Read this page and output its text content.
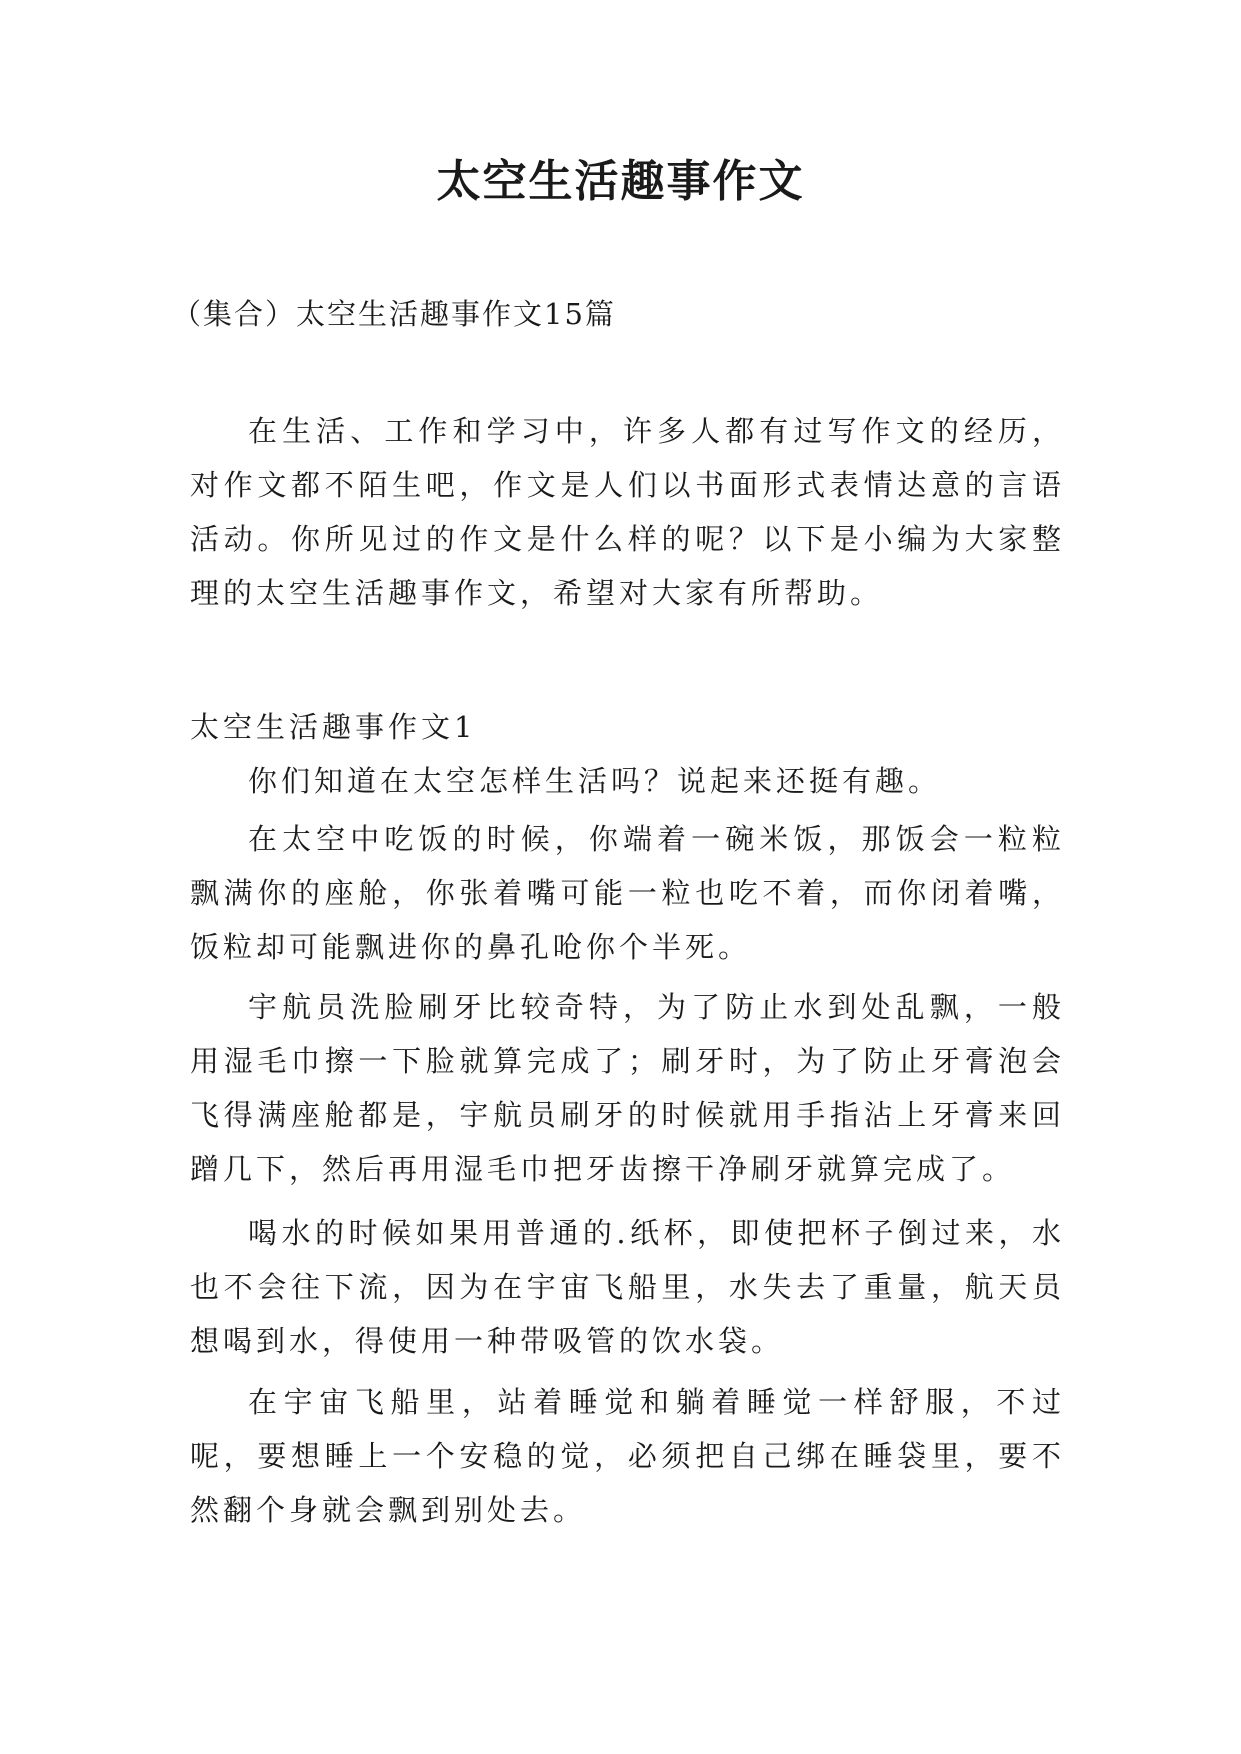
太空生活趣事作文
（集合）太空生活趣事作文15篇

在生活、工作和学习中，许多人都有过写作文的经历，对作文都不陌生吧，作文是人们以书面形式表情达意的言语活动。你所见过的作文是什么样的呢？以下是小编为大家整理的太空生活趣事作文，希望对大家有所帮助。

太空生活趣事作文1

你们知道在太空怎样生活吗？说起来还挺有趣。

在太空中吃饭的时候，你端着一碗米饭，那饭会一粒粒飘满你的座舱，你张着嘴可能一粒也吃不着，而你闭着嘴，饭粒却可能飘进你的鼻孔呛你个半死。

宇航员洗脸刷牙比较奇特，为了防止水到处乱飘，一般用湿毛巾擦一下脸就算完成了；刷牙时，为了防止牙膏泡会飞得满座舱都是，宇航员刷牙的时候就用手指沾上牙膏来回蹭几下，然后再用湿毛巾把牙齿擦干净刷牙就算完成了。

喝水的时候如果用普通的.纸杯，即使把杯子倒过来，水也不会往下流，因为在宇宙飞船里，水失去了重量，航天员想喝到水，得使用一种带吸管的饮水袋。

在宇宙飞船里，站着睡觉和躺着睡觉一样舒服，不过呢，要想睡上一个安稳的觉，必须把自己绑在睡袋里，要不然翻个身就会飘到别处去。
